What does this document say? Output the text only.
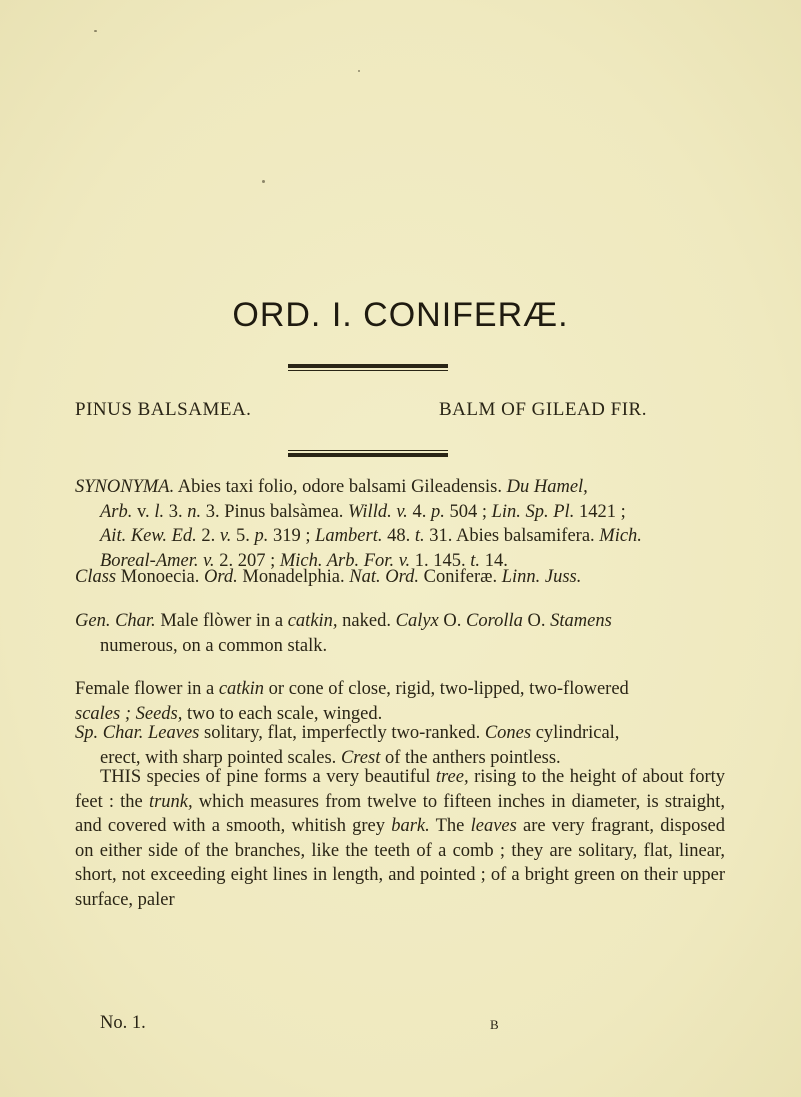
ORD. I. CONIFERÆ.
PINUS BALSAMEA.	BALM OF GILEAD FIR.

SYNONYMA. Abies taxi folio, odore balsami Gileadensis. Du Hamel,
Arb. v. l. 3. n. 3. Pinus balsàmea. Willd. v. 4. p. 504 ; Lin. Sp. Pl. 1421 ;
Ait. Kew. Ed. 2. v. 5. p. 319 ; Lambert. 48. t. 31. Abies balsamifera. Mich.
Boreal-Amer. v. 2. 207 ; Mich. Arb. For. v. 1. 145. t. 14.

Class Monoecia. Ord. Monadelphia. Nat. Ord. Coniferæ. Linn. Juss.

Gen. Char. Male flòwer in a catkin, naked. Calyx O. Corolla O. Stamens
numerous, on a common stalk.

Female flower in a catkin or cone of close, rigid, two-lipped, two-flowered
scales ; Seeds, two to each scale, winged.

Sp. Char. Leaves solitary, flat, imperfectly two-ranked. Cones cylindrical,
erect, with sharp pointed scales. Crest of the anthers pointless.

THIS species of pine forms a very beautiful tree, rising to the height of about forty feet : the trunk, which measures from twelve to fifteen inches in diameter, is straight, and covered with a smooth, whitish grey bark. The leaves are very fragrant, disposed on either side of the branches, like the teeth of a comb ; they are solitary, flat, linear, short, not exceeding eight lines in length, and pointed ; of a bright green on their upper surface, paler

No. 1.	B
